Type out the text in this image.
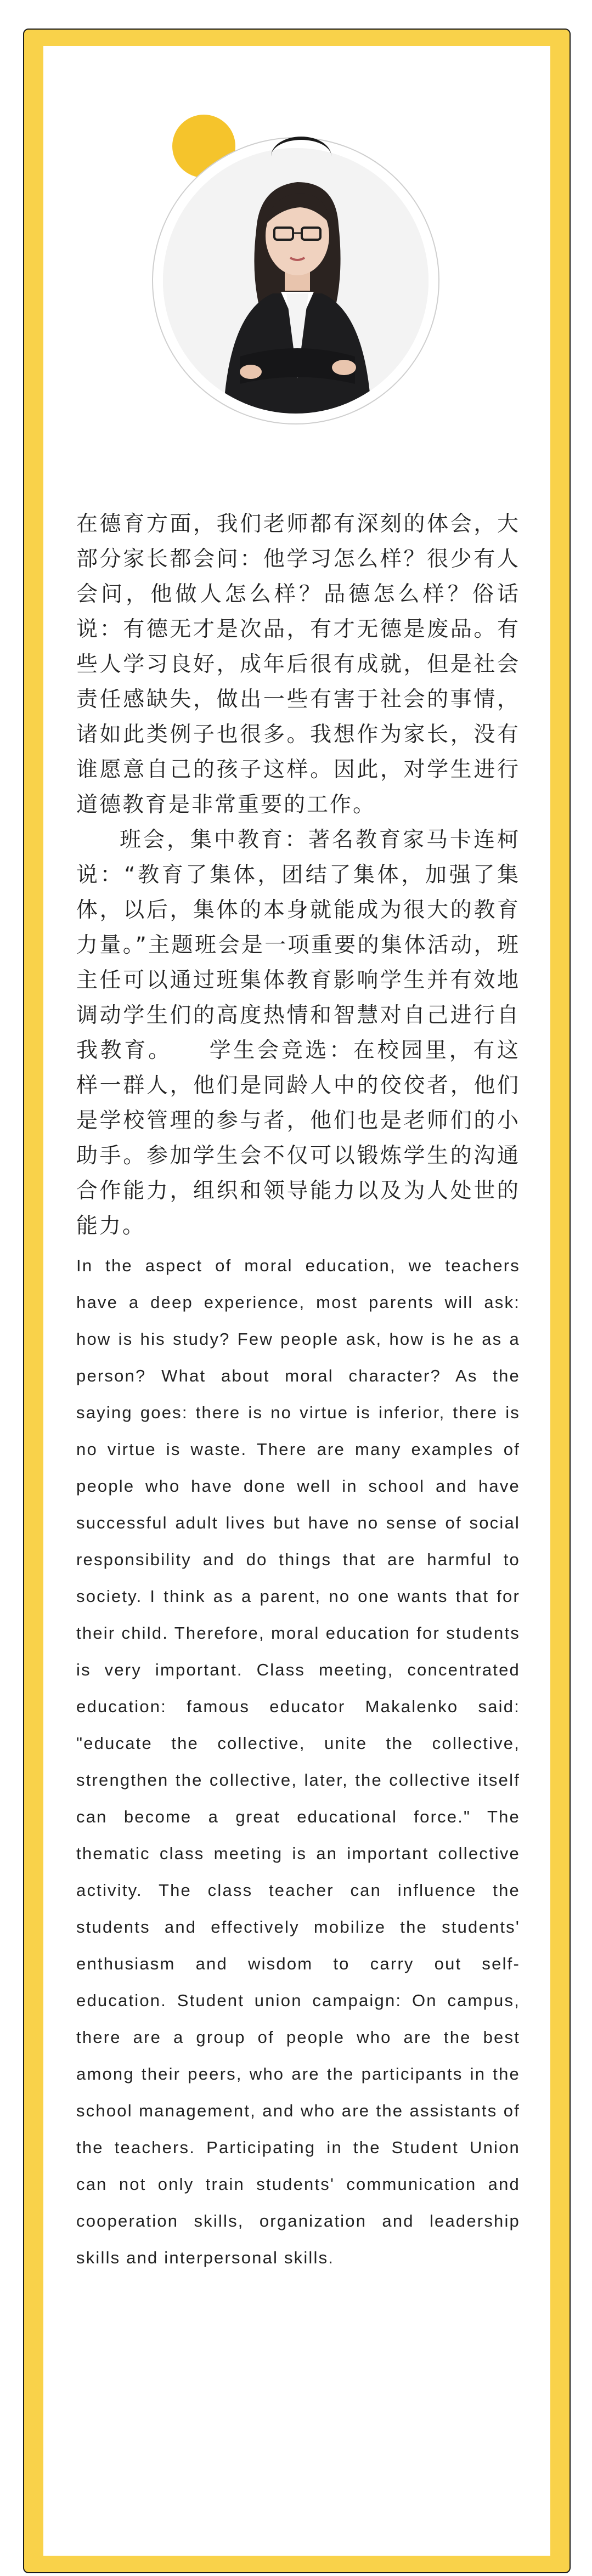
在德育方面，我们老师都有深刻的体会，大部分家长都会问：他学习怎么样？很少有人会问，他做人怎么样？品德怎么样？俗话说：有德无才是次品，有才无德是废品。有些人学习良好，成年后很有成就，但是社会责任感缺失，做出一些有害于社会的事情，诸如此类例子也很多。我想作为家长，没有谁愿意自己的孩子这样。因此，对学生进行道德教育是非常重要的工作。

班会，集中教育：著名教育家马卡连柯说：“教育了集体，团结了集体，加强了集体，以后，集体的本身就能成为很大的教育力量。”主题班会是一项重要的集体活动，班主任可以通过班集体教育影响学生并有效地调动学生们的高度热情和智慧对自己进行自我教育。　　学生会竞选：在校园里，有这样一群人，他们是同龄人中的佼佼者，他们是学校管理的参与者，他们也是老师们的小助手。参加学生会不仅可以锻炼学生的沟通合作能力，组织和领导能力以及为人处世的能力。

In the aspect of moral education, we teachers have a deep experience, most parents will ask: how is his study? Few people ask, how is he as a person? What about moral character? As the saying goes: there is no virtue is inferior, there is no virtue is waste. There are many examples of people who have done well in school and have successful adult lives but have no sense of social responsibility and do things that are harmful to society. I think as a parent, no one wants that for their child. Therefore, moral education for students is very important. Class meeting, concentrated education: famous educator Makalenko said: "educate the collective, unite the collective, strengthen the collective, later, the collective itself can become a great educational force." The thematic class meeting is an important collective activity. The class teacher can influence the students and effectively mobilize the students' enthusiasm and wisdom to carry out self-education. Student union campaign: On campus, there are a group of people who are the best among their peers, who are the participants in the school management, and who are the assistants of the teachers. Participating in the Student Union can not only train students' communication and cooperation skills, organization and leadership skills and interpersonal skills.
